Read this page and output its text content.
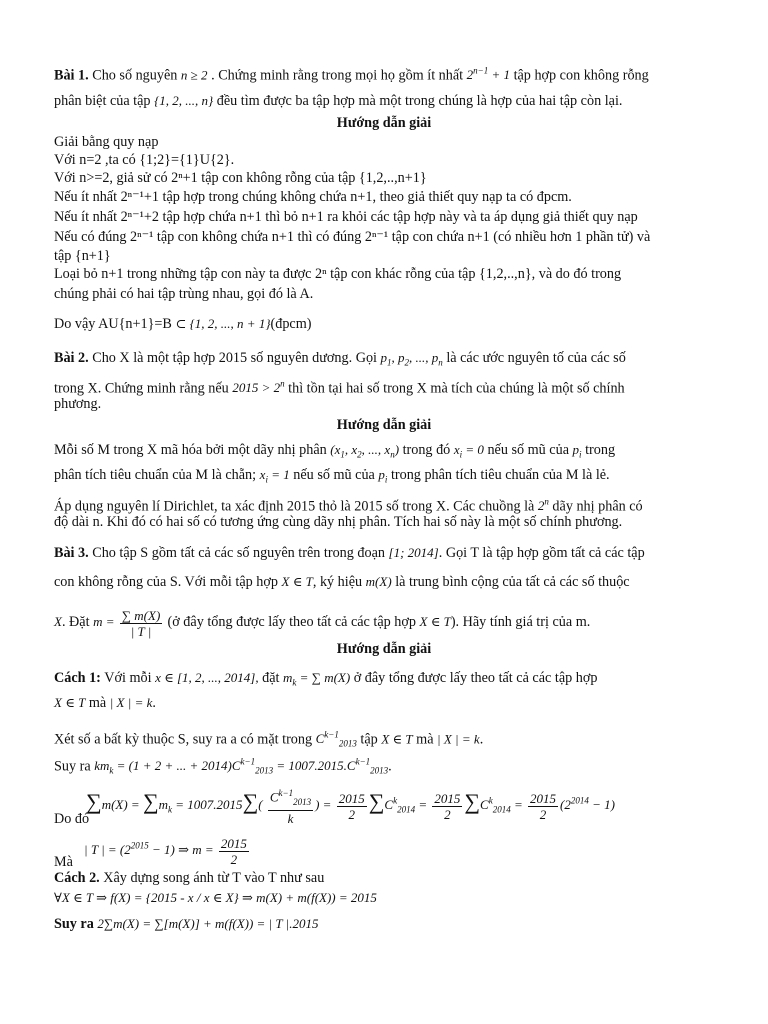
Bài 1. Cho số nguyên n ≥ 2 . Chứng minh rằng trong mọi họ gồm ít nhất $2^{n-1} + 1$ tập hợp con không rỗng
phân biệt của tập {1, 2, ..., n} đều tìm được ba tập hợp mà một trong chúng là hợp của hai tập còn lại.
Hướng dẫn giải
Giải bằng quy nạp
Với n=2 ,ta có {1;2}={1}U{2}.
Với n>=2, giả sử có 2ⁿ+1 tập con không rỗng của tập {1,2,..,n+1}
Nếu ít nhất 2ⁿ⁻¹+1 tập hợp trong chúng không chứa n+1, theo giả thiết quy nạp ta có đpcm.
Nếu ít nhất 2ⁿ⁻¹+2 tập hợp chứa n+1 thì bỏ n+1 ra khỏi các tập hợp này và ta áp dụng giả thiết quy nạp
Nếu có đúng 2ⁿ⁻¹ tập con không chứa n+1 thì có đúng 2ⁿ⁻¹ tập con chứa n+1 (có nhiều hơn 1 phần tử) và
tập {n+1}
Loại bỏ n+1 trong những tập con này ta được 2ⁿ tập con khác rỗng của tập {1,2,..,n}, và do đó trong
chúng phải có hai tập trùng nhau, gọi đó là A.
Do vậy AU{n+1}=B ⊂ {1, 2, ..., n + 1}(đpcm)
Bài 2. Cho X là một tập hợp 2015 số nguyên dương. Gọi $p_1$, $p_2$, ..., $p_n$ là các ước nguyên tố của các số
trong X. Chứng minh rằng nếu $2015 > 2^n$ thì tồn tại hai số trong X mà tích của chúng là một số chính
phương.
Hướng dẫn giải
Mỗi số M trong X mã hóa bởi một dãy nhị phân ($x_1$, $x_2$, ..., $x_n$) trong đó $x_i = 0$ nếu số mũ của $p_i$ trong
phân tích tiêu chuẩn của M là chẵn; $x_i = 1$ nếu số mũ của $p_i$ trong phân tích tiêu chuẩn của M là lẻ.
Áp dụng nguyên lí Dirichlet, ta xác định 2015 thỏ là 2015 số trong X. Các chuồng là 2$^n$ dãy nhị phân có
độ dài n. Khi đó có hai số có tương ứng cùng dãy nhị phân. Tích hai số này là một số chính phương.
Bài 3. Cho tập S gồm tất cả các số nguyên trên trong đoạn [1; 2014]. Gọi T là tập hợp gồm tất cả các tập
con không rỗng của S. Với mỗi tập hợp X ∈ T, ký hiệu m(X) là trung bình cộng của tất cả các số thuộc
X. Đặt $m = \frac{\sum m(X)}{| T |}$ (ở đây tổng được lấy theo tất cả các tập hợp X ∈ T). Hãy tính giá trị của m.
Hướng dẫn giải
Cách 1: Với mỗi x ∈ [1, 2, ..., 2014], đặt $m_k$ = ∑ m(X) ở đây tổng được lấy theo tất cả các tập hợp
X ∈ T mà | X | = k.
Xét số a bất kỳ thuộc S, suy ra a có mặt trong $C^{k-1}_{2013}$ tập X ∈ T mà | X | = k.
Suy ra $km_k = (1 + 2$ + ... + $2014)C^{k-1}_{2013} = 1007.2015.C^{k-1}_{2013}$.
Do đó
$\sum m(X) = \sum m_k = 1007.2015\sum( \frac{C^{k-1}_{2013}}{k}$ ) = $\frac{2015}{2} \sum C^k_{2014} = \frac{2015}{2} \sum C^k_{2014} = \frac{2015}{2} (2^{2014} - 1)$
Mà
| T | = $(2^{2015} - 1)$ ⇒ $m = \frac{2015}{2}$
Cách 2. Xây dựng song ánh từ T vào T như sau
∀X ∈ T ⇒ f(X) = {2015 - x / x ∈ X} ⇒ m(X) + m(f(X)) = 2015
Suy ra 2∑m(X) = ∑[m(X)] + m(f(X)) = | T |.2015
